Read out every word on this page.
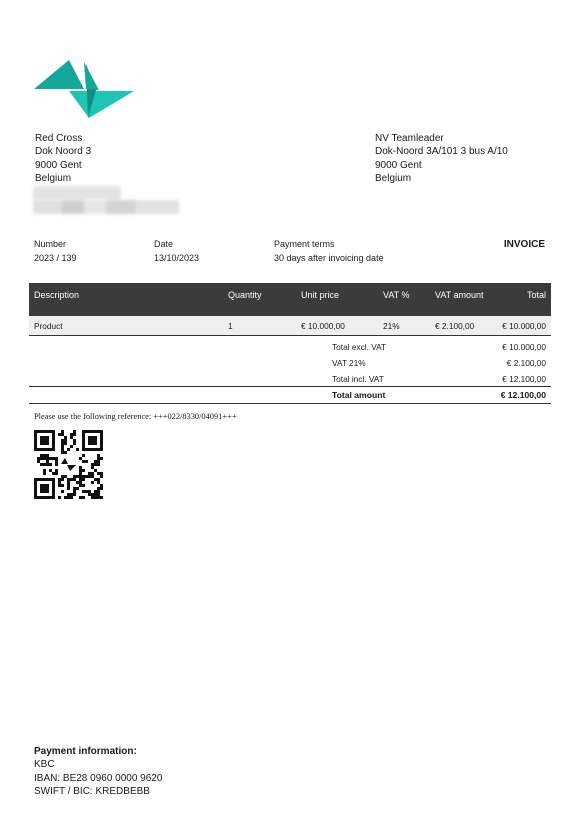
Red Cross
Dok Noord 3
9000 Gent
Belgium
NV Teamleader
Dok-Noord 3A/101 3 bus A/10
9000 Gent
Belgium
Number
2023 / 139
Date
13/10/2023
Payment terms
30 days after invoicing date
INVOICE
Description	Quantity	Unit price	VAT %	VAT amount	Total
Product	1	€ 10.000,00	21%	€ 2.100,00	€ 10.000,00
Total excl. VAT	€ 10.000,00
VAT 21%	€ 2.100,00
Total incl. VAT	€ 12.100,00
Total amount	€ 12.100,00
Please use the following reference: +++022/8330/04091+++
Payment information:
KBC
IBAN: BE28 0960 0000 9620
SWIFT / BIC: KREDBEBB
